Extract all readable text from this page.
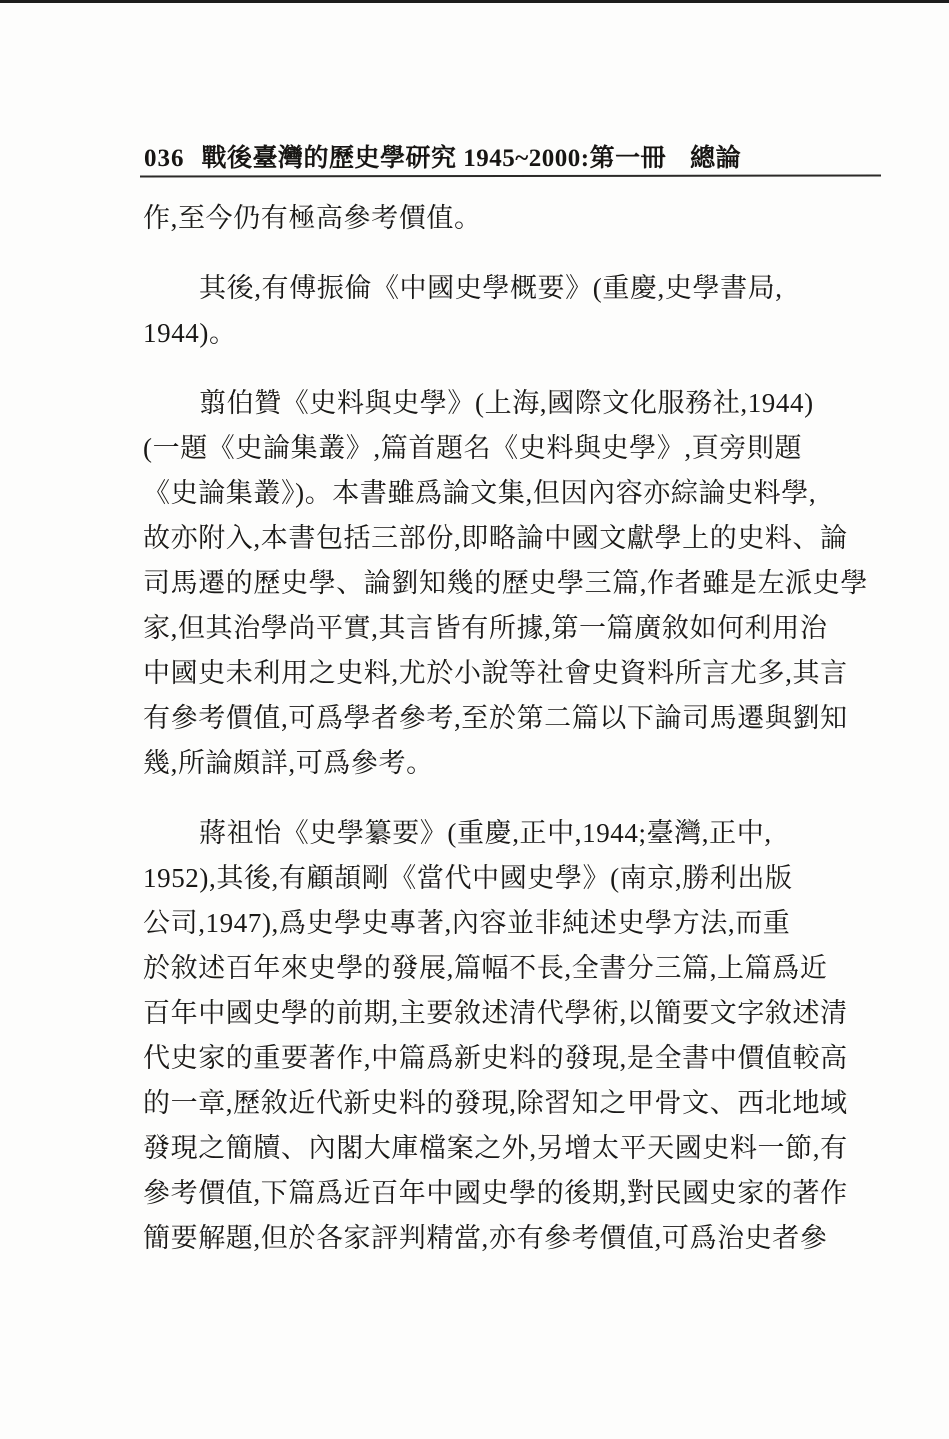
036 戰後臺灣的歷史學研究 1945~2000:第一冊 總論
作,至今仍有極高參考價值。
其後,有傅振倫《中國史學概要》(重慶,史學書局,
1944)。
翦伯贊《史料與史學》(上海,國際文化服務社,1944)
(一題《史論集叢》,篇首題名《史料與史學》,頁旁則題
《史論集叢》)。本書雖爲論文集,但因內容亦綜論史料學,
故亦附入,本書包括三部份,即略論中國文獻學上的史料、論
司馬遷的歷史學、論劉知幾的歷史學三篇,作者雖是左派史學
家,但其治學尚平實,其言皆有所據,第一篇廣敘如何利用治
中國史未利用之史料,尤於小說等社會史資料所言尤多,其言
有參考價值,可爲學者參考,至於第二篇以下論司馬遷與劉知
幾,所論頗詳,可爲參考。
蔣祖怡《史學纂要》(重慶,正中,1944;臺灣,正中,
1952),其後,有顧頡剛《當代中國史學》(南京,勝利出版
公司,1947),爲史學史專著,內容並非純述史學方法,而重
於敘述百年來史學的發展,篇幅不長,全書分三篇,上篇爲近
百年中國史學的前期,主要敘述清代學術,以簡要文字敘述清
代史家的重要著作,中篇爲新史料的發現,是全書中價值較高
的一章,歷敘近代新史料的發現,除習知之甲骨文、西北地域
發現之簡牘、內閣大庫檔案之外,另增太平天國史料一節,有
參考價值,下篇爲近百年中國史學的後期,對民國史家的著作
簡要解題,但於各家評判精當,亦有參考價值,可爲治史者參
